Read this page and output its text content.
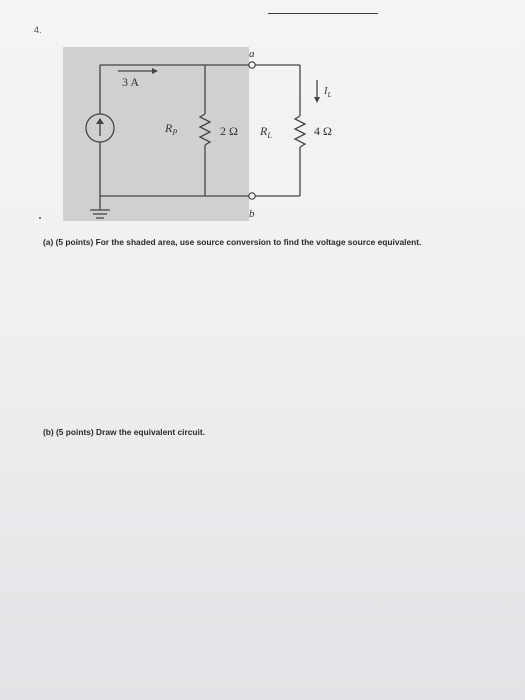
4.
3 A
a
b
$I_L$
$R_P$	2 Ω $R_L$	4 Ω
(a) (5 points) For the shaded area, use source conversion to find the voltage source equivalent.
(b) (5 points) Draw the equivalent circuit.
